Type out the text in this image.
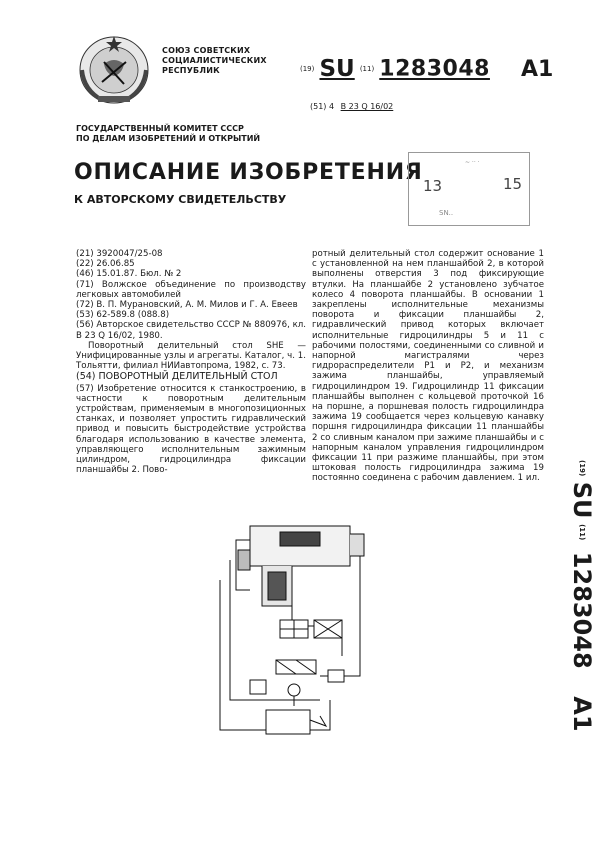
СОЮЗ СОВЕТСКИХ
СОЦИАЛИСТИЧЕСКИХ
РЕСПУБЛИК	(19) SU (11) 1283048 A1
(51) 4 B 23 Q 16/02
ГОСУДАРСТВЕННЫЙ КОМИТЕТ СССР
ПО ДЕЛАМ ИЗОБРЕТЕНИЙ И ОТКРЫТИЙ
ОПИСАНИЕ ИЗОБРЕТЕНИЯ
К АВТОРСКОМУ СВИДЕТЕЛЬСТВУ
~ ·· ·
13	15
SN..

(21) 3920047/25-08

(22) 26.06.85

(46) 15.01.87. Бюл. № 2

(71) Волжское объединение по производству легковых автомобилей

(72) В. П. Мурановский, А. М. Милов и Г. А. Евеев

(53) 62-589.8 (088.8)

(56) Авторское свидетельство СССР № 880976, кл. B 23 Q 16/02, 1980.

Поворотный делительный стол SHE — Унифицированные узлы и агрегаты. Каталог, ч. 1. Тольятти, филиал НИИавтопрома, 1982, с. 73.

(54) ПОВОРОТНЫЙ ДЕЛИТЕЛЬНЫЙ СТОЛ

(57) Изобретение относится к станкостроению, в частности к поворотным делительным устройствам, применяемым в многопозиционных станках, и позволяет упростить гидравлический привод и повысить быстродействие устройства благодаря использованию в качестве элемента, управляющего исполнительным зажимным цилиндром, гидроцилиндра фиксации планшайбы 2. Пово-

ротный делительный стол содержит основание 1 с установленной на нем планшайбой 2, в которой выполнены отверстия 3 под фиксирующие втулки. На планшайбе 2 установлено зубчатое колесо 4 поворота планшайбы. В основании 1 закреплены исполнительные механизмы поворота и фиксации планшайбы 2, гидравлический привод которых включает исполнительные гидроцилиндры 5 и 11 с рабочими полостями, соединенными со сливной и напорной магистралями через гидрораспределители Р1 и Р2, и механизм зажима планшайбы, управляемый гидроцилиндром 19. Гидроцилиндр 11 фиксации планшайбы выполнен с кольцевой проточкой 16 на поршне, а поршневая полость гидроцилиндра зажима 19 сообщается через кольцевую канавку поршня гидроцилиндра фиксации 11 планшайбы 2 со сливным каналом при зажиме планшайбы и с напорным каналом управления гидроцилиндром фиксации 11 при разжиме планшайбы, при этом штоковая полость гидроцилиндра зажима 19 постоянно соединена с рабочим давлением. 1 ил.

(19) SU (11) 1283048 A1
